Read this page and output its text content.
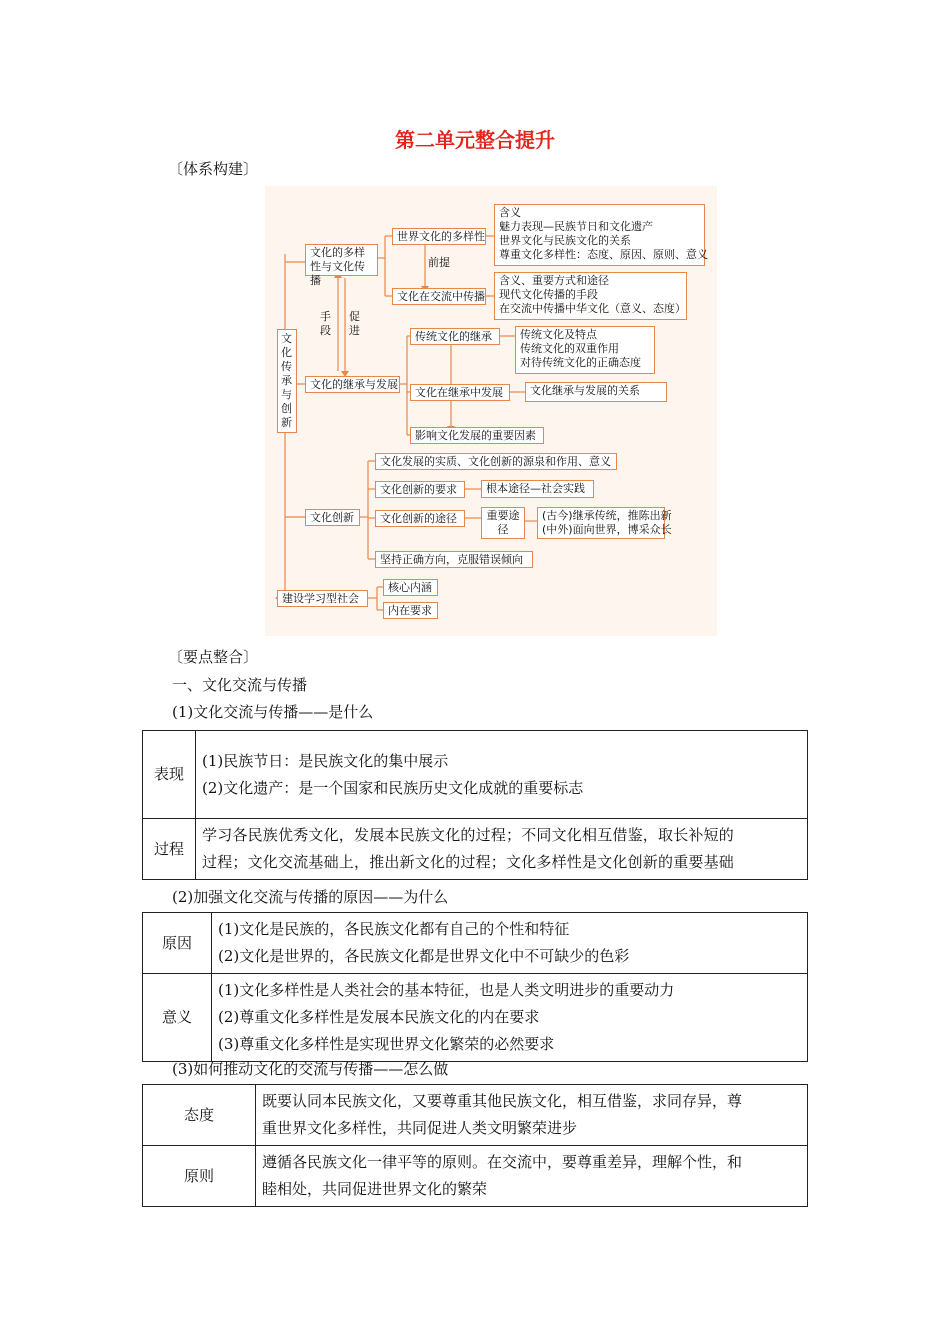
第二单元整合提升
〔体系构建〕
文化传承与创新
文化的多样性与文化传播
世界文化的多样性
含义
魅力表现—民族节日和文化遗产
世界文化与民族文化的关系
尊重文化多样性：态度、原因、原则、意义
前提
文化在交流中传播
含义、重要方式和途径
现代文化传播的手段
在交流中传播中华文化（意义、态度）
手段
促进
文化的继承与发展
传统文化的继承	传统文化及特点
传统文化的双重作用
对待传统文化的正确态度
文化在继承中发展	文化继承与发展的关系
影响文化发展的重要因素
文化创新
文化发展的实质、文化创新的源泉和作用、意义
文化创新的要求	根本途径—社会实践
文化创新的途径	重要途径
(古今)继承传统，推陈出新
(中外)面向世界，博采众长
坚持正确方向，克服错误倾向
建设学习型社会
核心内涵
内在要求
〔要点整合〕
一、文化交流与传播
(1)文化交流与传播——是什么
表现	(1)民族节日：是民族文化的集中展示
(2)文化遗产：是一个国家和民族历史文化成就的重要标志

过程	学习各民族优秀文化，发展本民族文化的过程；不同文化相互借鉴，取长补短的
过程；文化交流基础上，推出新文化的过程；文化多样性是文化创新的重要基础
(2)加强文化交流与传播的原因——为什么
原因	(1)文化是民族的，各民族文化都有自己的个性和特征
(2)文化是世界的，各民族文化都是世界文化中不可缺少的色彩

意义	(1)文化多样性是人类社会的基本特征，也是人类文明进步的重要动力
(2)尊重文化多样性是发展本民族文化的内在要求
(3)尊重文化多样性是实现世界文化繁荣的必然要求
(3)如何推动文化的交流与传播——怎么做
态度	既要认同本民族文化，又要尊重其他民族文化，相互借鉴，求同存异，尊
重世界文化多样性，共同促进人类文明繁荣进步

原则	遵循各民族文化一律平等的原则。在交流中，要尊重差异，理解个性，和
睦相处，共同促进世界文化的繁荣
